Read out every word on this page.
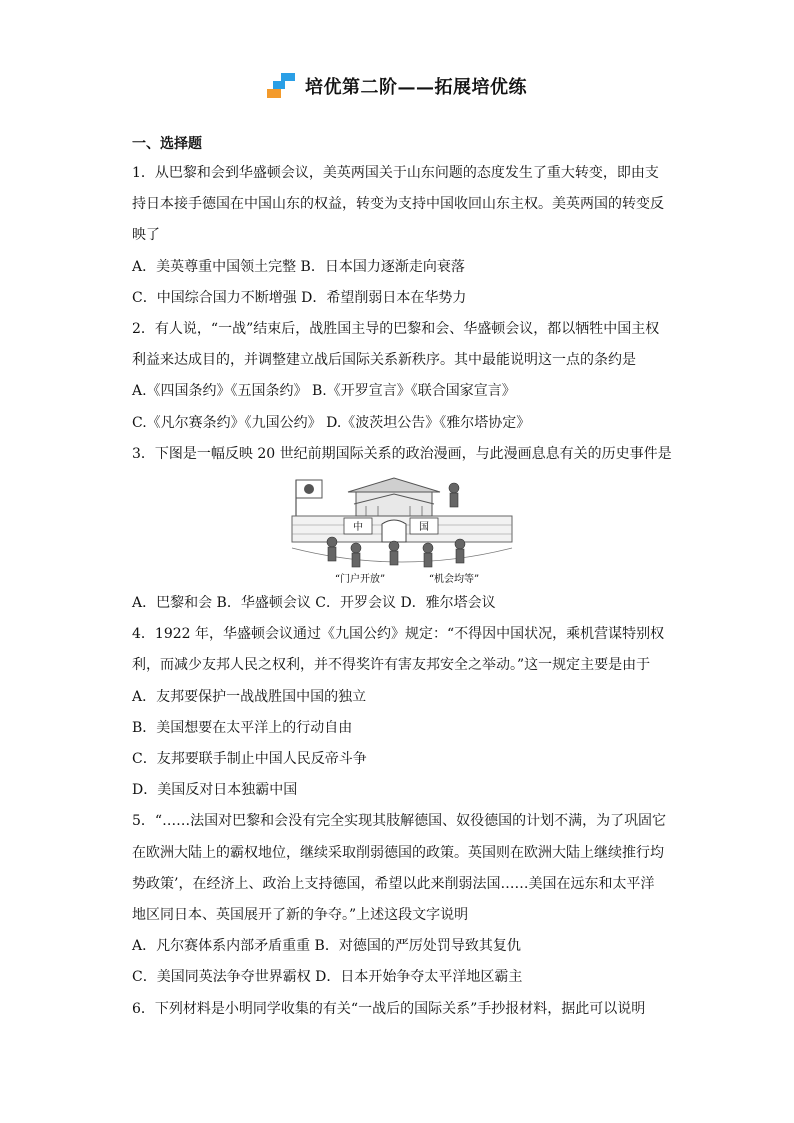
培优第二阶——拓展培优练
一、选择题

1．从巴黎和会到华盛顿会议，美英两国关于山东问题的态度发生了重大转变，即由支

持日本接手德国在中国山东的权益，转变为支持中国收回山东主权。美英两国的转变反

映了

A．美英尊重中国领土完整 B．日本国力逐渐走向衰落

C．中国综合国力不断增强 D．希望削弱日本在华势力

2．有人说，“一战”结束后，战胜国主导的巴黎和会、华盛顿会议，都以牺牲中国主权

利益来达成目的，并调整建立战后国际关系新秩序。其中最能说明这一点的条约是

A.《四国条约》《五国条约》 B.《开罗宣言》《联合国家宣言》

C.《凡尔赛条约》《九国公约》 D.《波茨坦公告》《雅尔塔协定》

3．下图是一幅反映 20 世纪前期国际关系的政治漫画，与此漫画息息有关的历史事件是

中	国
“门户开放”	“机会均等”

A．巴黎和会 B．华盛顿会议 C．开罗会议 D．雅尔塔会议

4．1922 年，华盛顿会议通过《九国公约》规定：“不得因中国状况，乘机营谋特别权

利，而减少友邦人民之权利，并不得奖许有害友邦安全之举动。”这一规定主要是由于

A．友邦要保护一战战胜国中国的独立

B．美国想要在太平洋上的行动自由

C．友邦要联手制止中国人民反帝斗争

D．美国反对日本独霸中国

5．“……法国对巴黎和会没有完全实现其肢解德国、奴役德国的计划不满，为了巩固它

在欧洲大陆上的霸权地位，继续采取削弱德国的政策。英国则在欧洲大陆上继续推行均

势政策’，在经济上、政治上支持德国，希望以此来削弱法国……美国在远东和太平洋

地区同日本、英国展开了新的争夺。”上述这段文字说明

A．凡尔赛体系内部矛盾重重 B．对德国的严厉处罚导致其复仇

C．美国同英法争夺世界霸权 D．日本开始争夺太平洋地区霸主

6．下列材料是小明同学收集的有关“一战后的国际关系”手抄报材料，据此可以说明
